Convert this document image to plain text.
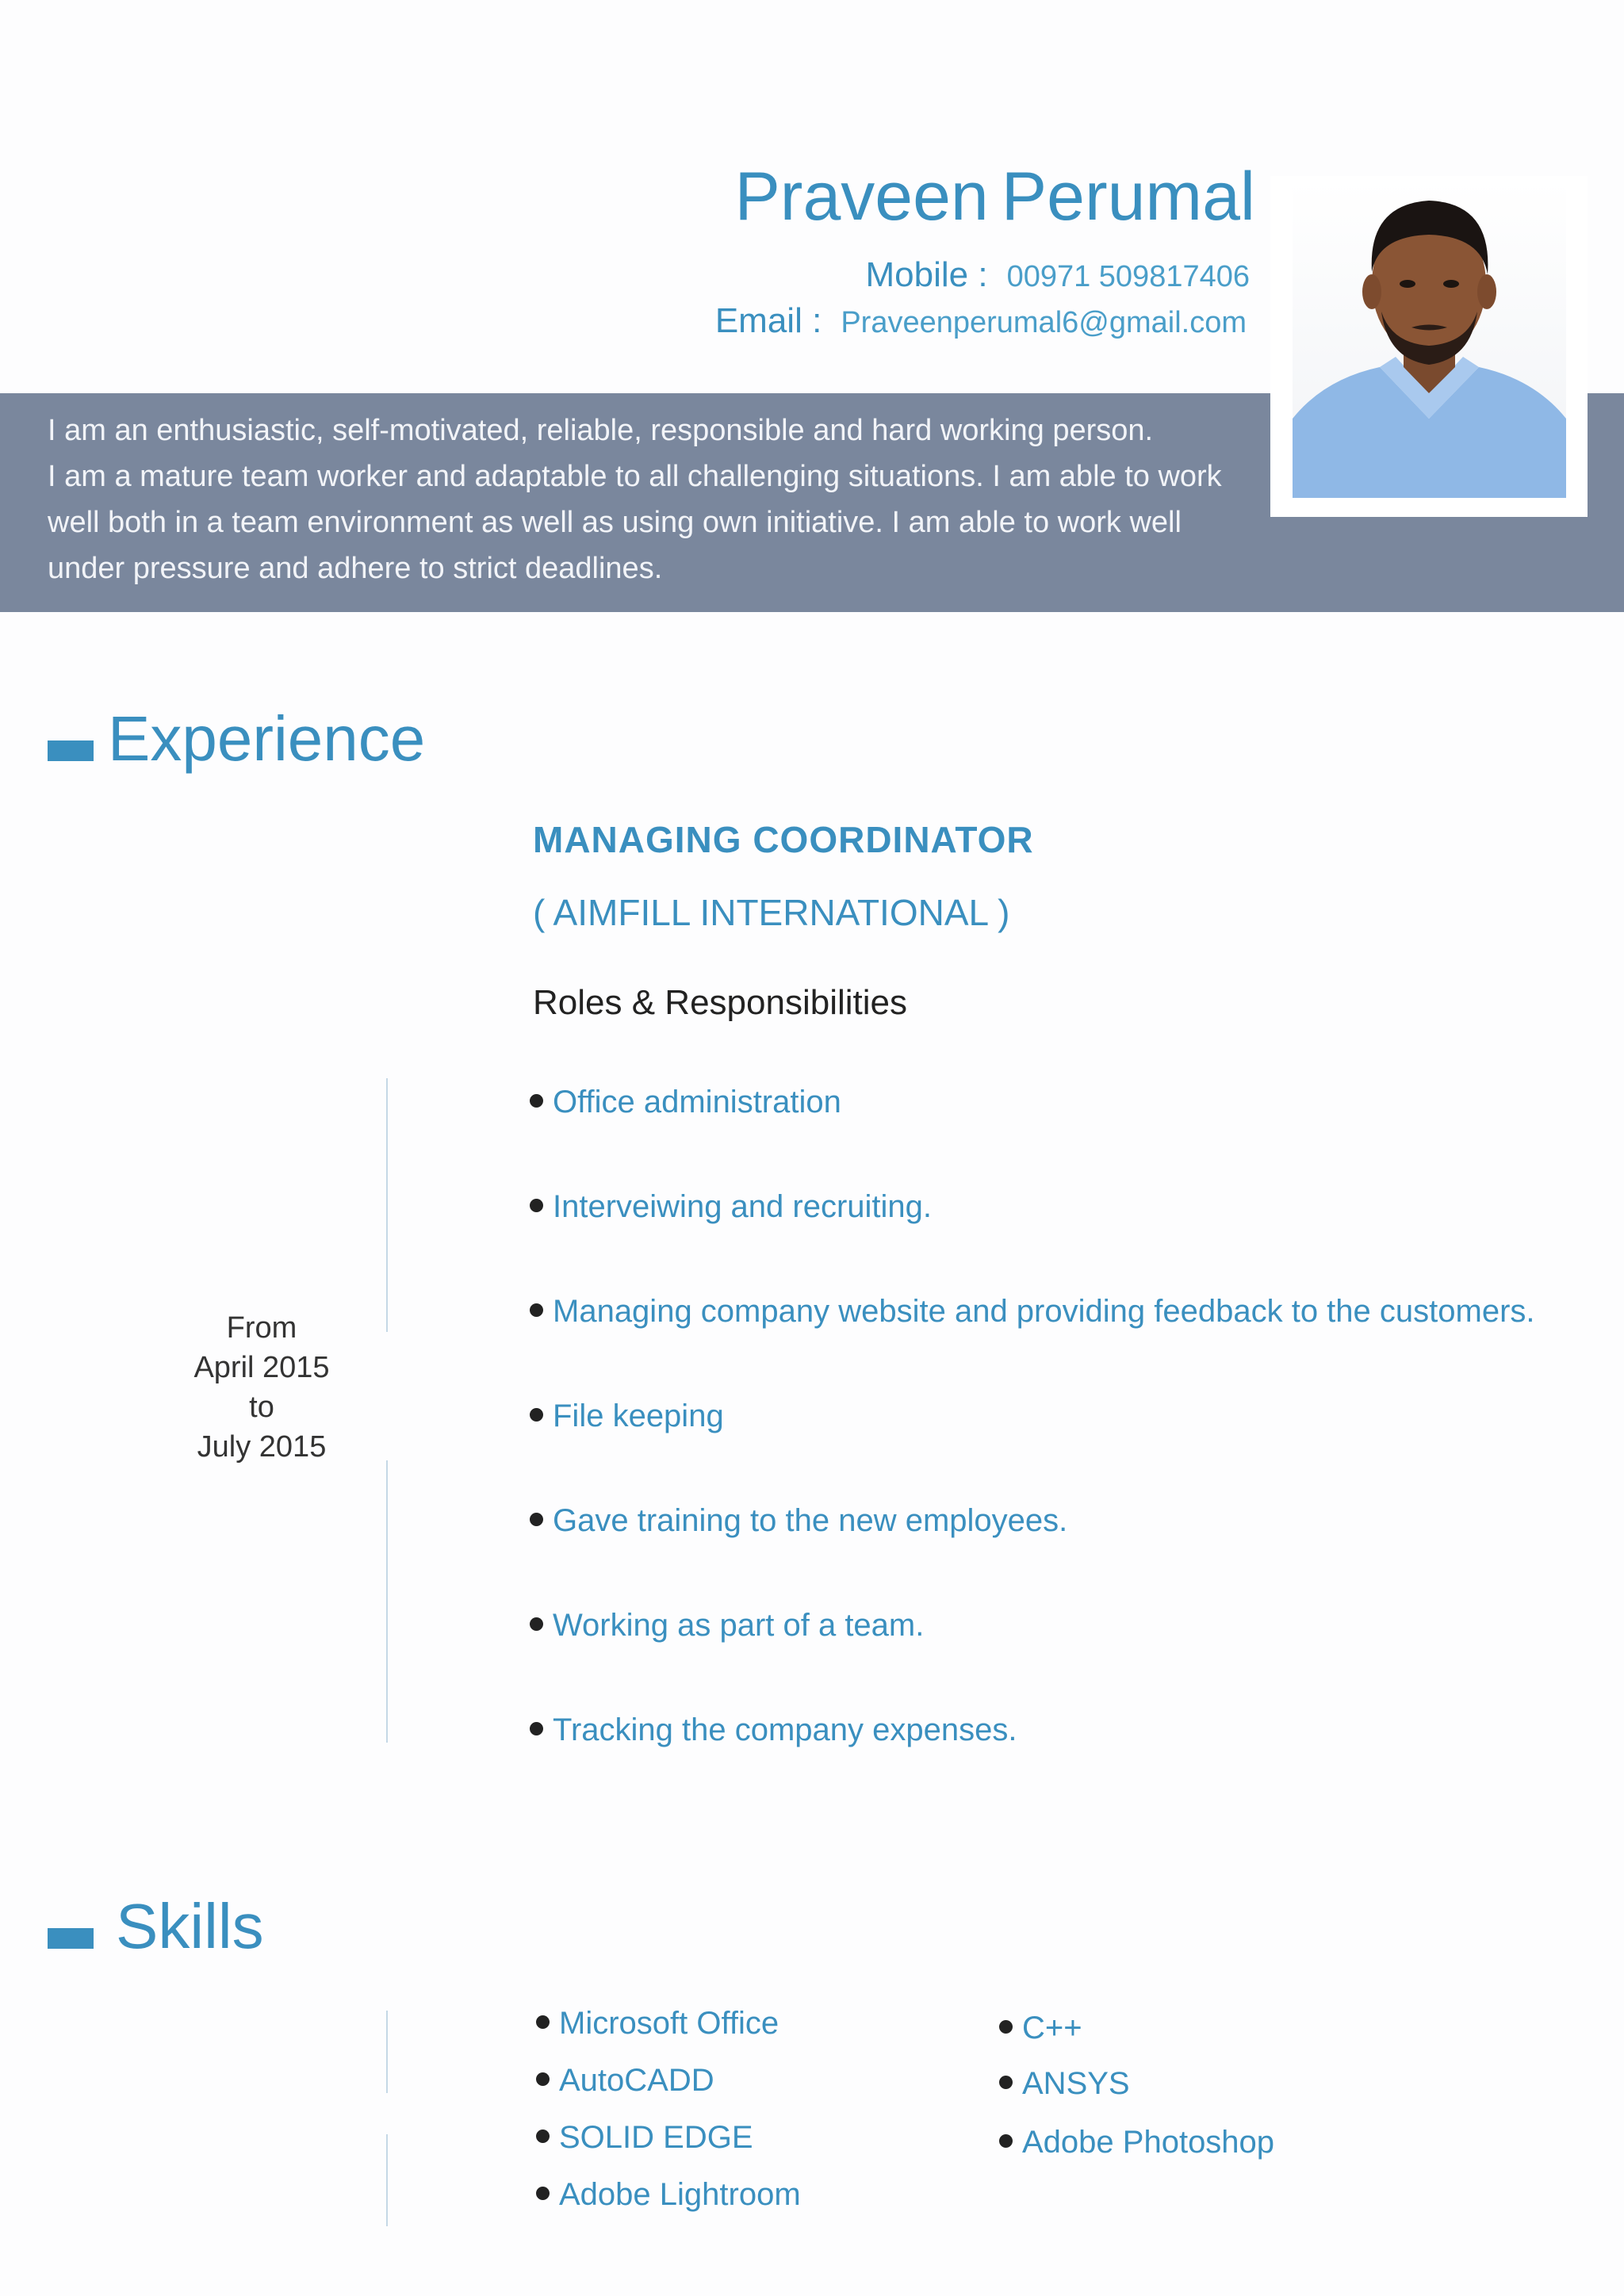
Praveen Perumal
Mobile : 00971 509817406
Email : Praveenperumal6@gmail.com
I am an enthusiastic, self-motivated, reliable, responsible and hard working person.
I am a mature team worker and adaptable to all challenging situations. I am able to work
well both in a team environment as well as using own initiative. I am able to work well
under pressure and adhere to strict deadlines.
Experience
MANAGING COORDINATOR
( AIMFILL INTERNATIONAL )
Roles & Responsibilities
From
April 2015
to
July 2015
Office administration
Interveiwing and recruiting.
Managing company website and providing feedback to the customers.
File keeping
Gave training to the new employees.
Working as part of a team.
Tracking the company expenses.
Skills
Microsoft Office
AutoCADD
SOLID EDGE
Adobe Lightroom
C++
ANSYS
Adobe Photoshop
